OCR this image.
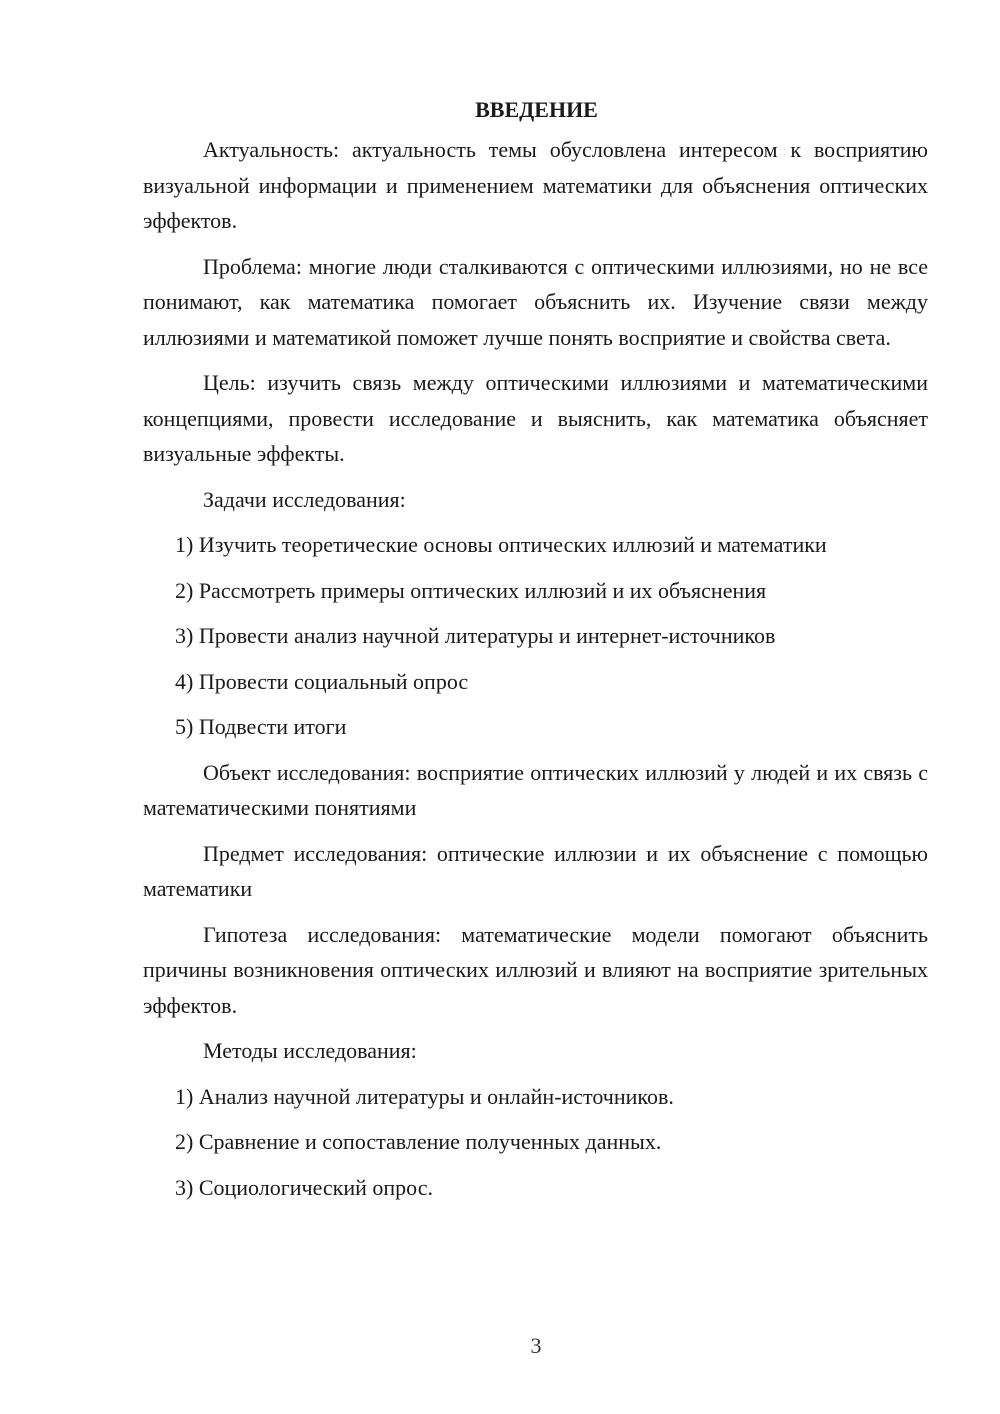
ВВЕДЕНИЕ

Актуальность: актуальность темы обусловлена интересом к восприятию визуальной информации и применением математики для объяснения оптических эффектов.

Проблема: многие люди сталкиваются с оптическими иллюзиями, но не все понимают, как математика помогает объяснить их. Изучение связи между иллюзиями и математикой поможет лучше понять восприятие и свойства света.

Цель: изучить связь между оптическими иллюзиями и математическими концепциями, провести исследование и выяснить, как математика объясняет визуальные эффекты.

Задачи исследования:

1) Изучить теоретические основы оптических иллюзий и математики
2) Рассмотреть примеры оптических иллюзий и их объяснения
3) Провести анализ научной литературы и интернет-источников
4) Провести социальный опрос
5) Подвести итоги

Объект исследования: восприятие оптических иллюзий у людей и их связь с математическими понятиями

Предмет исследования: оптические иллюзии и их объяснение с помощью математики

Гипотеза исследования: математические модели помогают объяснить причины возникновения оптических иллюзий и влияют на восприятие зрительных эффектов.

Методы исследования:

1) Анализ научной литературы и онлайн-источников.
2) Сравнение и сопоставление полученных данных.
3) Социологический опрос.
3
